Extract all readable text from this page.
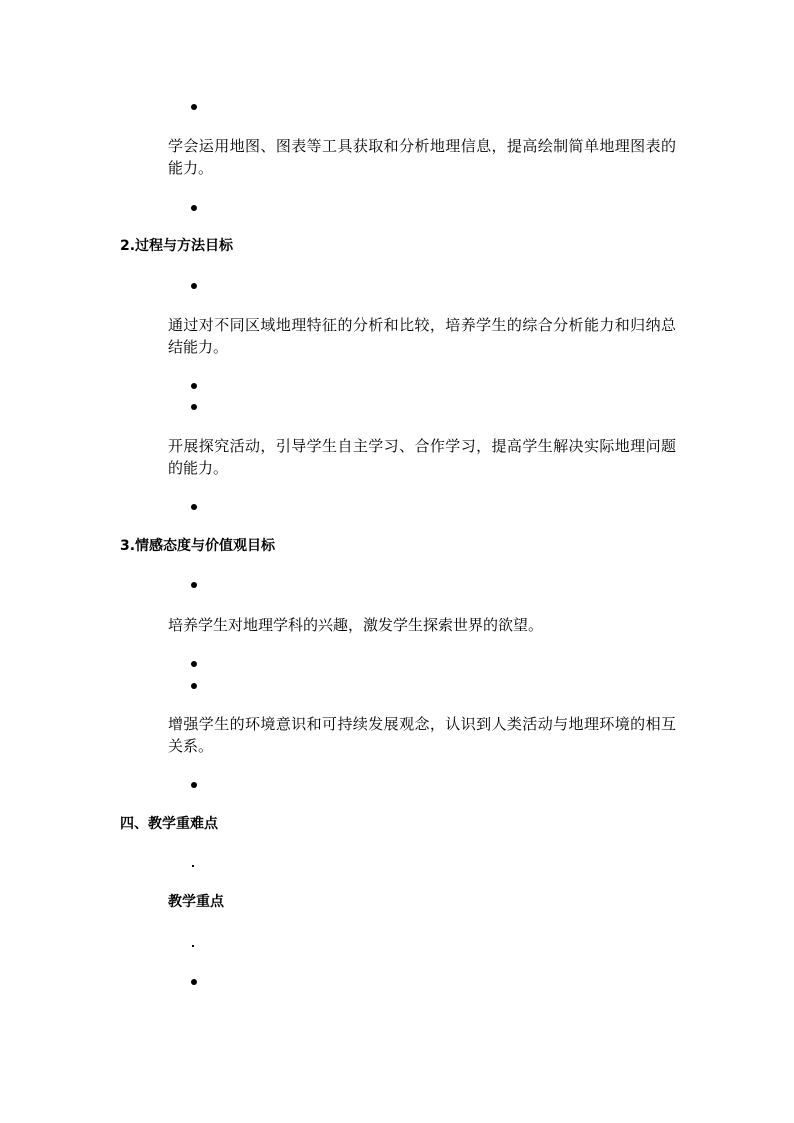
学会运用地图、图表等工具获取和分析地理信息，提高绘制简单地理图表的能力。
2.过程与方法目标
通过对不同区域地理特征的分析和比较，培养学生的综合分析能力和归纳总结能力。
开展探究活动，引导学生自主学习、合作学习，提高学生解决实际地理问题的能力。
3.情感态度与价值观目标
培养学生对地理学科的兴趣，激发学生探索世界的欲望。
增强学生的环境意识和可持续发展观念，认识到人类活动与地理环境的相互关系。
四、教学重难点
教学重点
